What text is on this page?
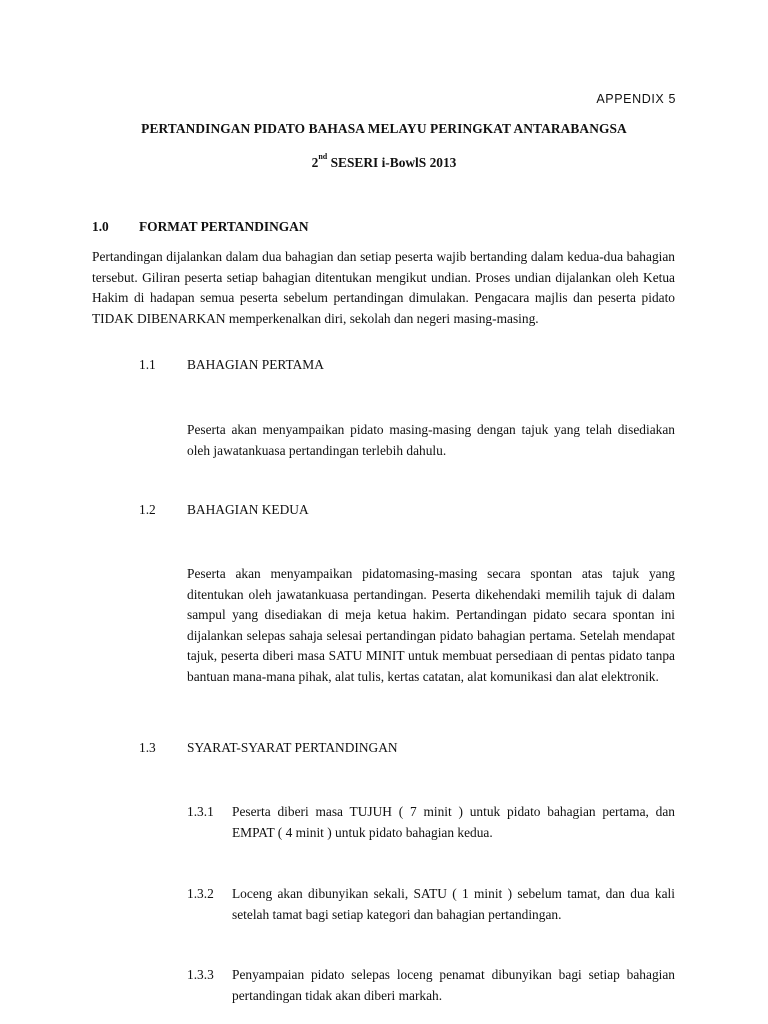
APPENDIX 5
PERTANDINGAN PIDATO BAHASA MELAYU PERINGKAT ANTARABANGSA
2nd SESERI i-BowlS 2013
1.0 FORMAT PERTANDINGAN

Pertandingan dijalankan dalam dua bahagian dan setiap peserta wajib bertanding dalam kedua-dua bahagian tersebut. Giliran peserta setiap bahagian ditentukan mengikut undian. Proses undian dijalankan oleh Ketua Hakim di hadapan semua peserta sebelum pertandingan dimulakan. Pengacara majlis dan peserta pidato TIDAK DIBENARKAN memperkenalkan diri, sekolah dan negeri masing-masing.

1.1 BAHAGIAN PERTAMA

Peserta akan menyampaikan pidato masing-masing dengan tajuk yang telah disediakan oleh jawatankuasa pertandingan terlebih dahulu.

1.2 BAHAGIAN KEDUA

Peserta akan menyampaikan pidatomasing-masing secara spontan atas tajuk yang ditentukan oleh jawatankuasa pertandingan. Peserta dikehendaki memilih tajuk di dalam sampul yang disediakan di meja ketua hakim. Pertandingan pidato secara spontan ini dijalankan selepas sahaja selesai pertandingan pidato bahagian pertama. Setelah mendapat tajuk, peserta diberi masa SATU MINIT untuk membuat persediaan di pentas pidato tanpa bantuan mana-mana pihak, alat tulis, kertas catatan, alat komunikasi dan alat elektronik.

1.3 SYARAT-SYARAT PERTANDINGAN
1.3.1 Peserta diberi masa TUJUH ( 7 minit ) untuk pidato bahagian pertama, dan EMPAT ( 4 minit ) untuk pidato bahagian kedua.

1.3.2 Loceng akan dibunyikan sekali, SATU ( 1 minit ) sebelum tamat, dan dua kali setelah tamat bagi setiap kategori dan bahagian pertandingan.

1.3.3 Penyampaian pidato selepas loceng penamat dibunyikan bagi setiap bahagian pertandingan tidak akan diberi markah.
